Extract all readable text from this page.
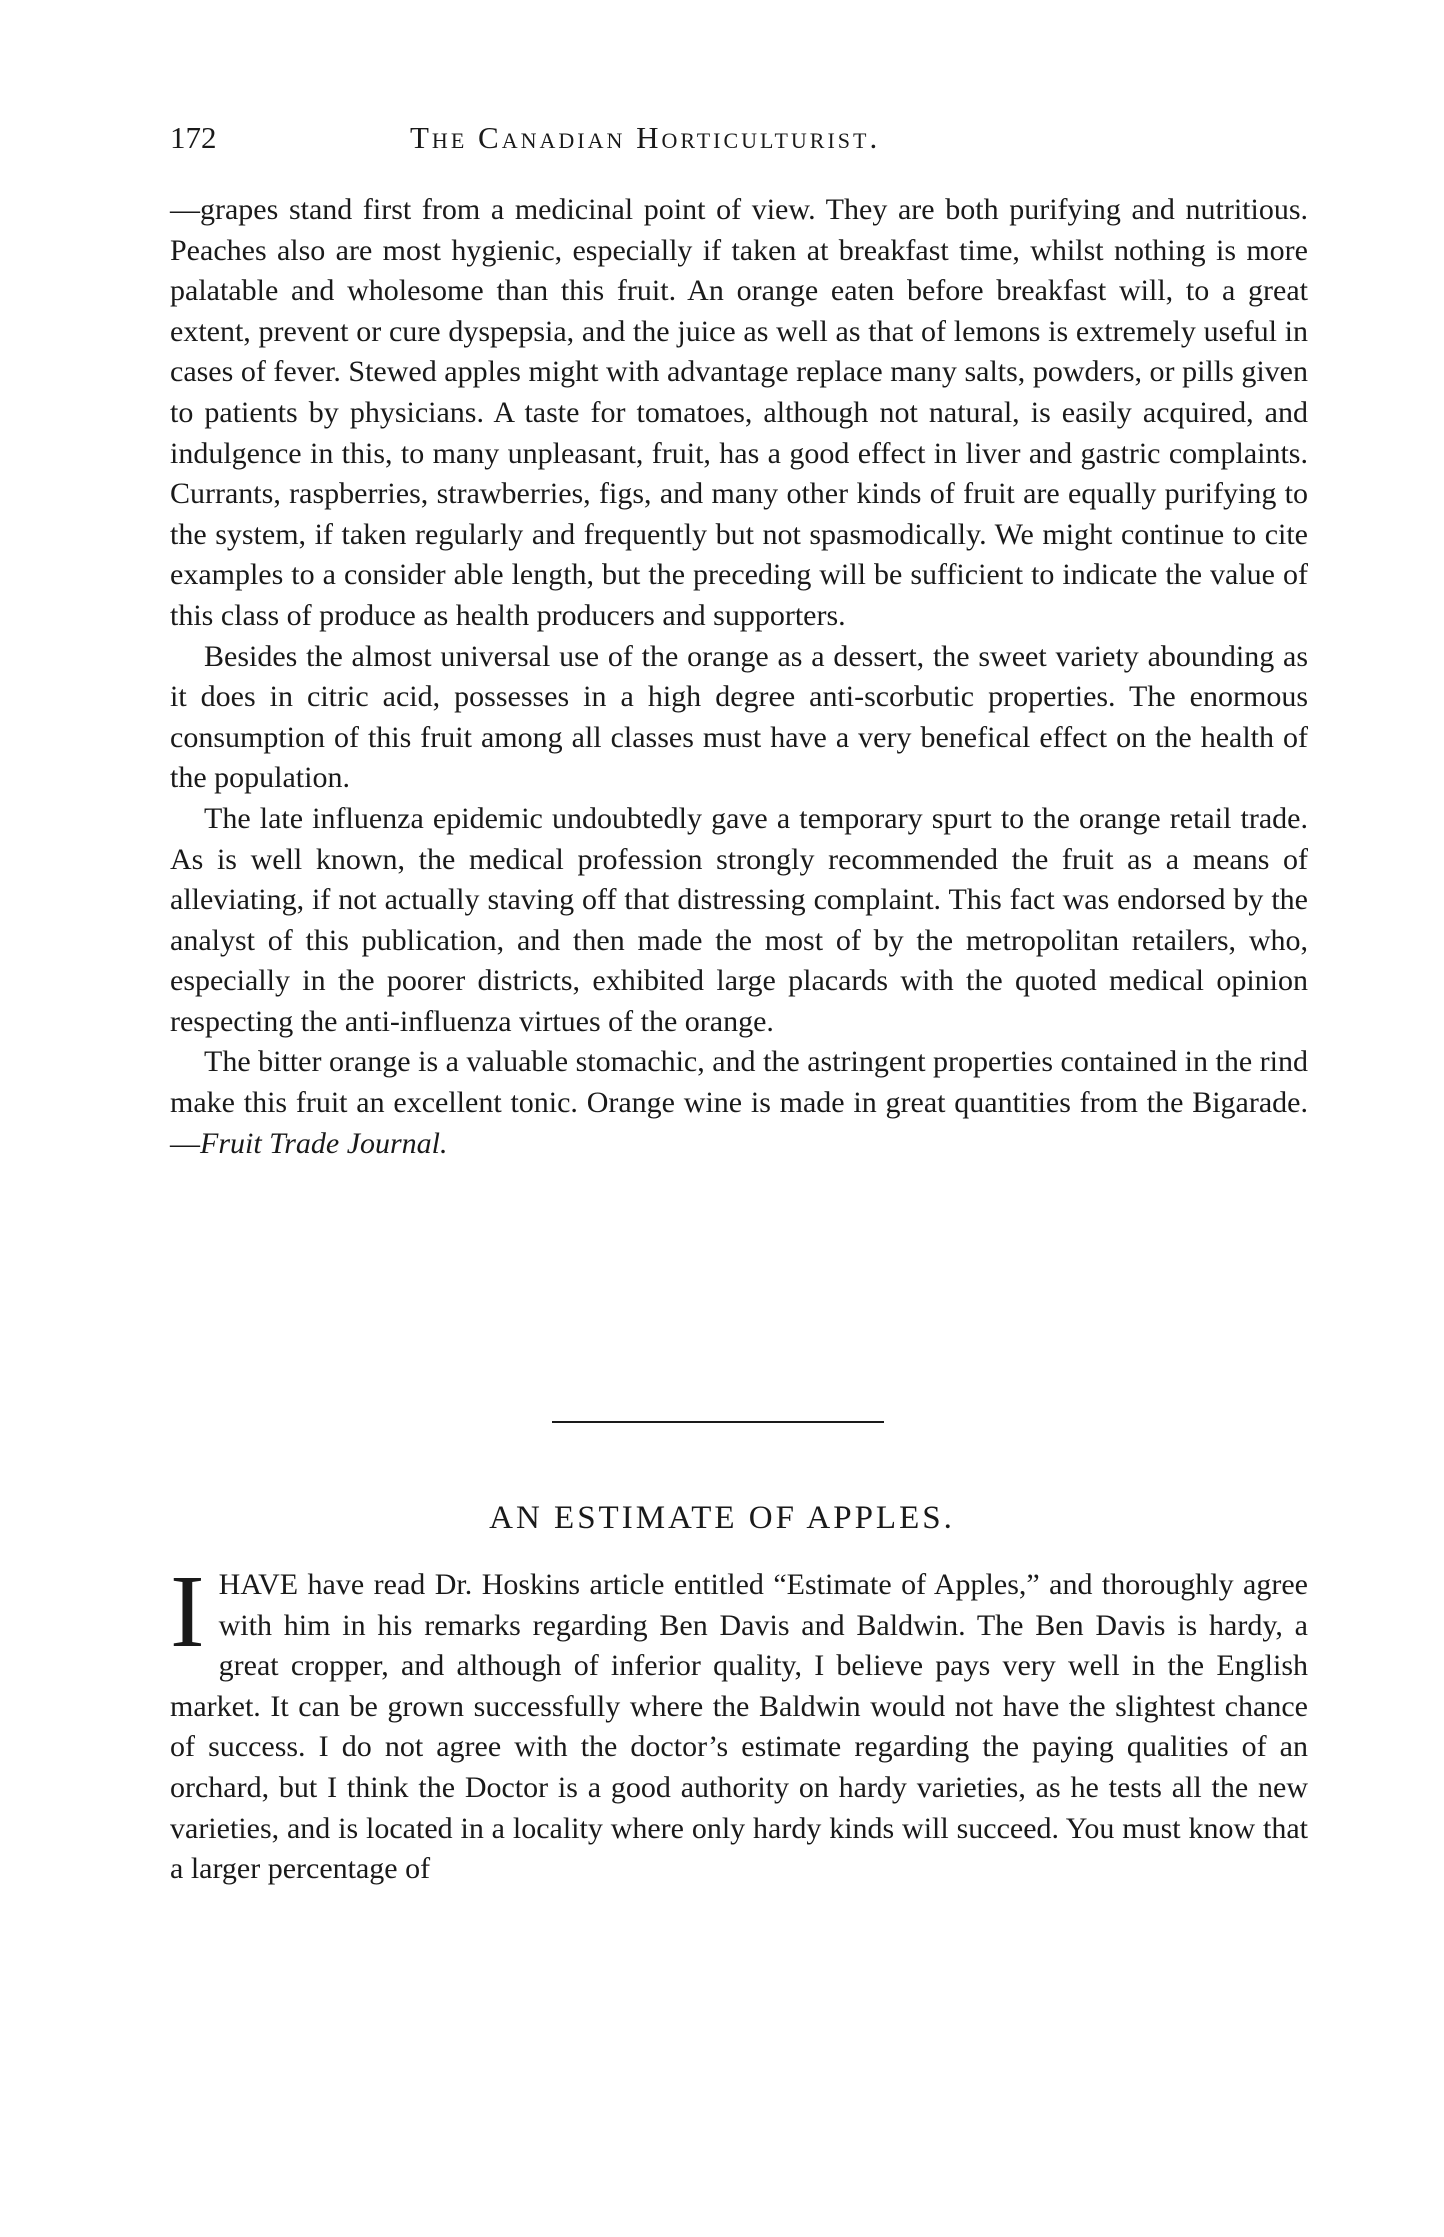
172	The Canadian Horticulturist.

—grapes stand first from a medicinal point of view. They are both purifying and nutritious. Peaches also are most hygienic, especially if taken at breakfast time, whilst nothing is more palatable and wholesome than this fruit. An orange eaten before breakfast will, to a great extent, prevent or cure dyspepsia, and the juice as well as that of lemons is extremely useful in cases of fever. Stewed apples might with advantage replace many salts, powders, or pills given to patients by physicians. A taste for tomatoes, although not natural, is easily acquired, and indulgence in this, to many unpleasant, fruit, has a good effect in liver and gastric complaints. Currants, raspberries, strawberries, figs, and many other kinds of fruit are equally purifying to the system, if taken regularly and frequently but not spasmodically. We might continue to cite examples to a consider able length, but the preceding will be sufficient to indicate the value of this class of produce as health producers and supporters.

Besides the almost universal use of the orange as a dessert, the sweet variety abounding as it does in citric acid, possesses in a high degree anti-scorbutic properties. The enormous consumption of this fruit among all classes must have a very benefical effect on the health of the population.

The late influenza epidemic undoubtedly gave a temporary spurt to the orange retail trade. As is well known, the medical profession strongly recommended the fruit as a means of alleviating, if not actually staving off that distressing complaint. This fact was endorsed by the analyst of this publication, and then made the most of by the metropolitan retailers, who, especially in the poorer districts, exhibited large placards with the quoted medical opinion respecting the anti-influenza virtues of the orange.

The bitter orange is a valuable stomachic, and the astringent properties contained in the rind make this fruit an excellent tonic. Orange wine is made in great quantities from the Bigarade.—Fruit Trade Journal.

AN ESTIMATE OF APPLES.

IHAVE have read Dr. Hoskins article entitled “Estimate of Apples,” and thoroughly agree with him in his remarks regarding Ben Davis and Baldwin. The Ben Davis is hardy, a great cropper, and although of inferior quality, I believe pays very well in the English market. It can be grown successfully where the Baldwin would not have the slightest chance of success. I do not agree with the doctor’s estimate regarding the paying qualities of an orchard, but I think the Doctor is a good authority on hardy varieties, as he tests all the new varieties, and is located in a locality where only hardy kinds will succeed. You must know that a larger percentage of
